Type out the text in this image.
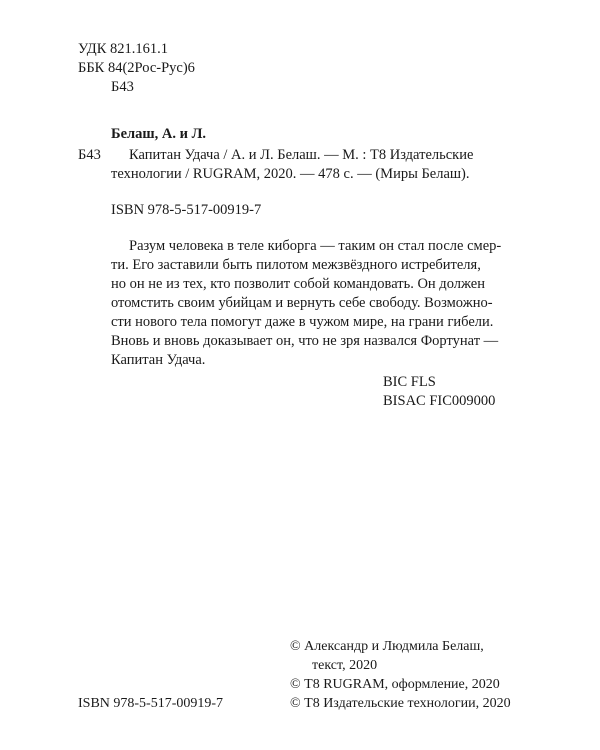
УДК 821.161.1

ББК 84(2Рос-Рус)6

Б43

Белаш, А. и Л.

Б43 Капитан Удача / А. и Л. Белаш. — М. : Т8 Издательские

технологии / RUGRAM, 2020. — 478 с. — (Миры Белаш).

ISBN 978-5-517-00919-7

Разум человека в теле киборга — таким он стал после смер-

ти. Его заставили быть пилотом межзвёздного истребителя,

но он не из тех, кто позволит собой командовать. Он должен

отомстить своим убийцам и вернуть себе свободу. Возможно-

сти нового тела помогут даже в чужом мире, на грани гибели.

Вновь и вновь доказывает он, что не зря назвался Фортунат —

Капитан Удача.

BIC FLS

BISAC FIC009000

© Александр и Людмила Белаш,

текст, 2020

© Т8 RUGRAM, оформление, 2020

© Т8 Издательские технологии, 2020

ISBN 978-5-517-00919-7
